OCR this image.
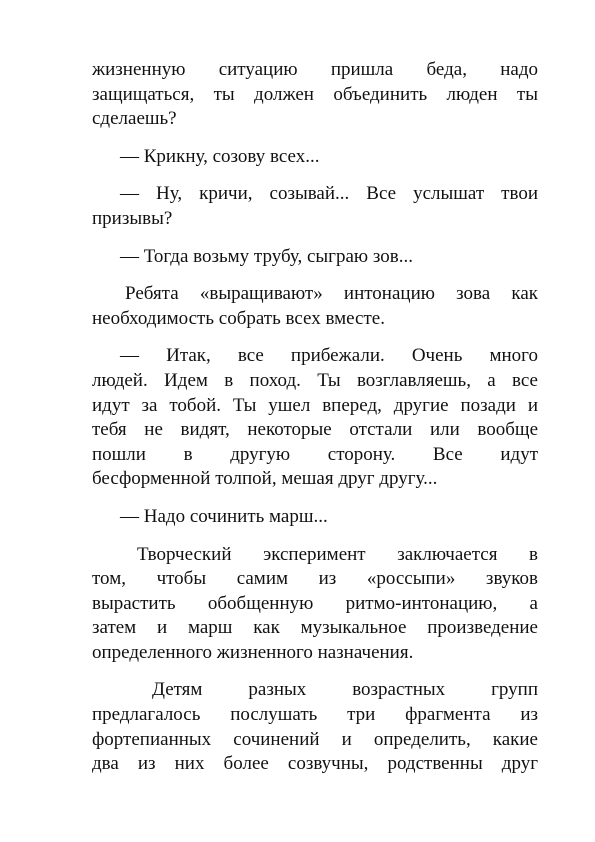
жизненную ситуацию пришла беда, надо
защищаться, ты должен объединить люден ты
сделаешь?
— Крикну, созову всех...
— Ну, кричи, созывай... Все услышат твои
призывы?
— Тогда возьму трубу, сыграю зов...
Ребята «выращивают» интонацию зова как
необходимость собрать всех вместе.
— Итак, все прибежали. Очень много
людей. Идем в поход. Ты возглавляешь, а все
идут за тобой. Ты ушел вперед, другие позади и
тебя не видят, некоторые отстали или вообще
пошли в другую сторону. Все идут
бесформенной толпой, мешая друг другу...
— Надо сочинить марш...
Творческий эксперимент заключается в
том, чтобы самим из «россыпи» звуков
вырастить обобщенную ритмо-интонацию, а
затем и марш как музыкальное произведение
определенного жизненного назначения.
Детям разных возрастных групп
предлагалось послушать три фрагмента из
фортепианных сочинений и определить, какие
два из них более созвучны, родственны друг
